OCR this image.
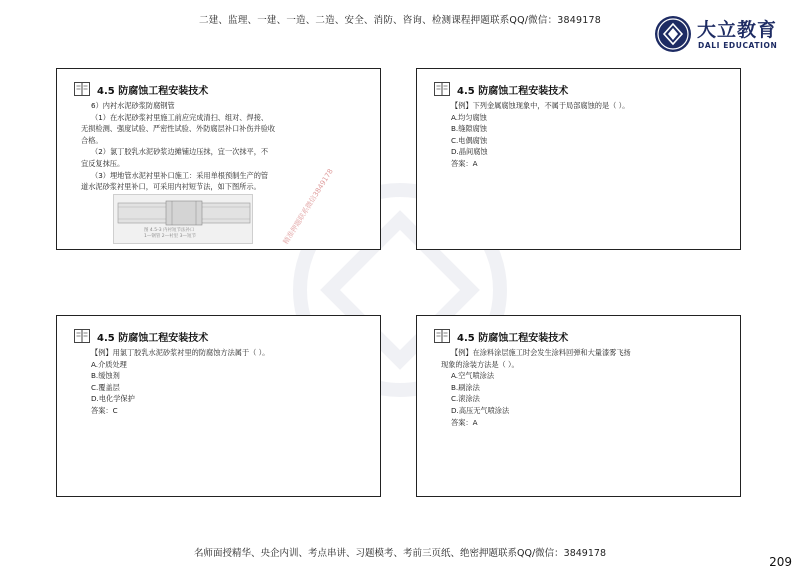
二建、监理、一建、一造、二造、安全、消防、咨询、检测课程押题联系QQ/微信：3849178	大立教育
DALI EDUCATION
4.5 防腐蚀工程安装技术

6）内衬水泥砂浆防腐钢管

（1）在水泥砂浆衬里施工前应完成清扫、组对、焊接、

无损检测、强度试验、严密性试验、外防腐层补口补伤并验收

合格。

（2）氯丁胶乳水泥砂浆边摊铺边压抹，宜一次抹平，不

宜反复抹压。

（3）埋地管水泥衬里补口施工：采用单根预制生产的管

道水泥砂浆衬里补口，可采用内衬短节法，如下图所示。

图 4.5-3 内衬短节法补口
1—钢管 2—衬里 3—短节	精准押题联系微信3849178
4.5 防腐蚀工程安装技术

【例】下列金属腐蚀现象中，不属于局部腐蚀的是（ ）。

A.均匀腐蚀

B.缝隙腐蚀

C.电偶腐蚀

D.晶间腐蚀

答案：A

4.5 防腐蚀工程安装技术

【例】用氯丁胶乳水泥砂浆衬里的防腐蚀方法属于（ ）。

A.介质处理

B.缓蚀剂

C.覆盖层

D.电化学保护

答案：C

4.5 防腐蚀工程安装技术

【例】在涂料涂层施工时会发生涂料回弹和大量漆雾飞扬

现象的涂装方法是（ ）。

A.空气喷涂法

B.刷涂法

C.滚涂法

D.高压无气喷涂法

答案：A

名师面授精华、央企内训、考点串讲、习题模考、考前三页纸、绝密押题联系QQ/微信：3849178
209
